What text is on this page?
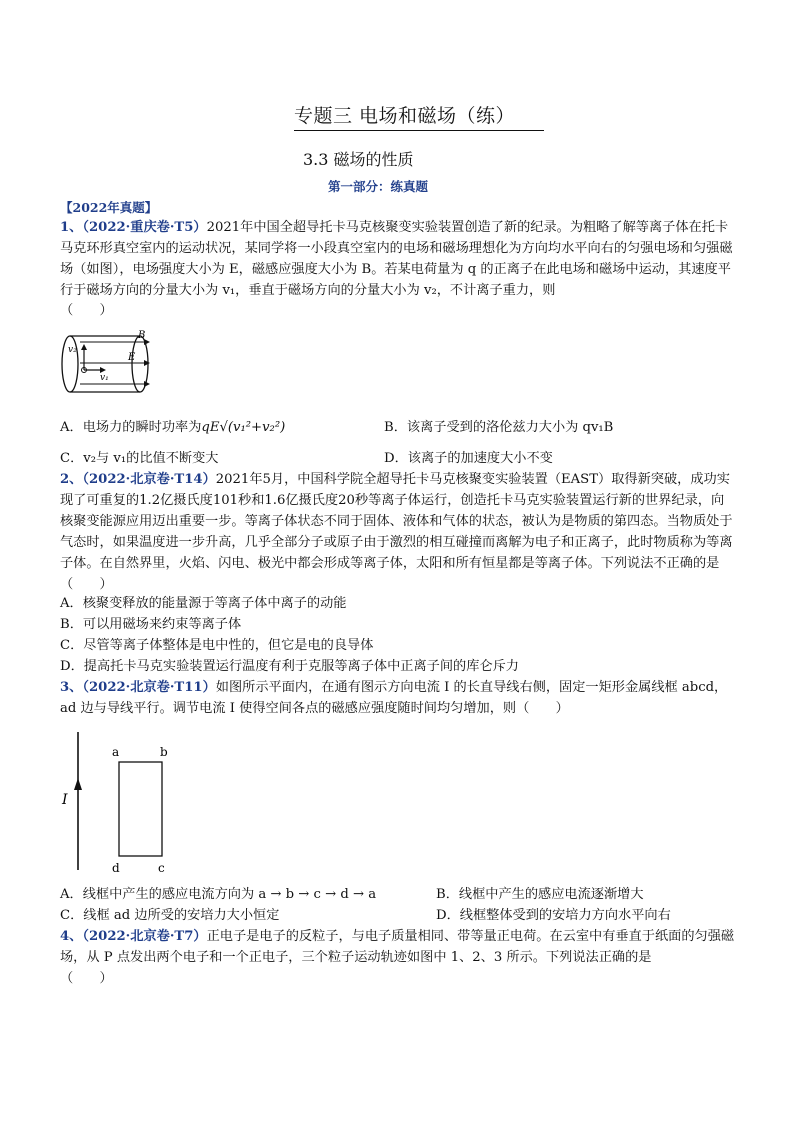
专题三 电场和磁场（练）
3.3 磁场的性质
第一部分：练真题
【2022年真题】
1、（2022·重庆卷·T5）2021年中国全超导托卡马克核聚变实验装置创造了新的纪录。为粗略了解等离子体在托卡马克环形真空室内的运动状况，某同学将一小段真空室内的电场和磁场理想化为方向均水平向右的匀强电场和匀强磁场（如图），电场强度大小为 E，磁感应强度大小为 B。若某电荷量为 q 的正离子在此电场和磁场中运动，其速度平行于磁场方向的分量大小为 v₁，垂直于磁场方向的分量大小为 v₂，不计离子重力，则
（　　）
v₂
v₁
B
E
A．电场力的瞬时功率为qE√(v₁²+v₂²)	B．该离子受到的洛伦兹力大小为 qv₁B
C．v₂与 v₁的比值不断变大	D．该离子的加速度大小不变
2、（2022·北京卷·T14）2021年5月，中国科学院全超导托卡马克核聚变实验装置（EAST）取得新突破，成功实现了可重复的1.2亿摄氏度101秒和1.6亿摄氏度20秒等离子体运行，创造托卡马克实验装置运行新的世界纪录，向核聚变能源应用迈出重要一步。等离子体状态不同于固体、液体和气体的状态，被认为是物质的第四态。当物质处于气态时，如果温度进一步升高，几乎全部分子或原子由于激烈的相互碰撞而离解为电子和正离子，此时物质称为等离子体。在自然界里，火焰、闪电、极光中都会形成等离子体，太阳和所有恒星都是等离子体。下列说法不正确的是（　　）
A．核聚变释放的能量源于等离子体中离子的动能
B．可以用磁场来约束等离子体
C．尽管等离子体整体是电中性的，但它是电的良导体
D．提高托卡马克实验装置运行温度有利于克服等离子体中正离子间的库仑斥力
3、（2022·北京卷·T11）如图所示平面内，在通有图示方向电流 I 的长直导线右侧，固定一矩形金属线框 abcd，ad 边与导线平行。调节电流 I 使得空间各点的磁感应强度随时间均匀增加，则（　　）
I
a	b
d	c
A．线框中产生的感应电流方向为 a → b → c → d → a	B．线框中产生的感应电流逐渐增大
C．线框 ad 边所受的安培力大小恒定	D．线框整体受到的安培力方向水平向右
4、（2022·北京卷·T7）正电子是电子的反粒子，与电子质量相同、带等量正电荷。在云室中有垂直于纸面的匀强磁场，从 P 点发出两个电子和一个正电子，三个粒子运动轨迹如图中 1、2、3 所示。下列说法正确的是
（　　）
